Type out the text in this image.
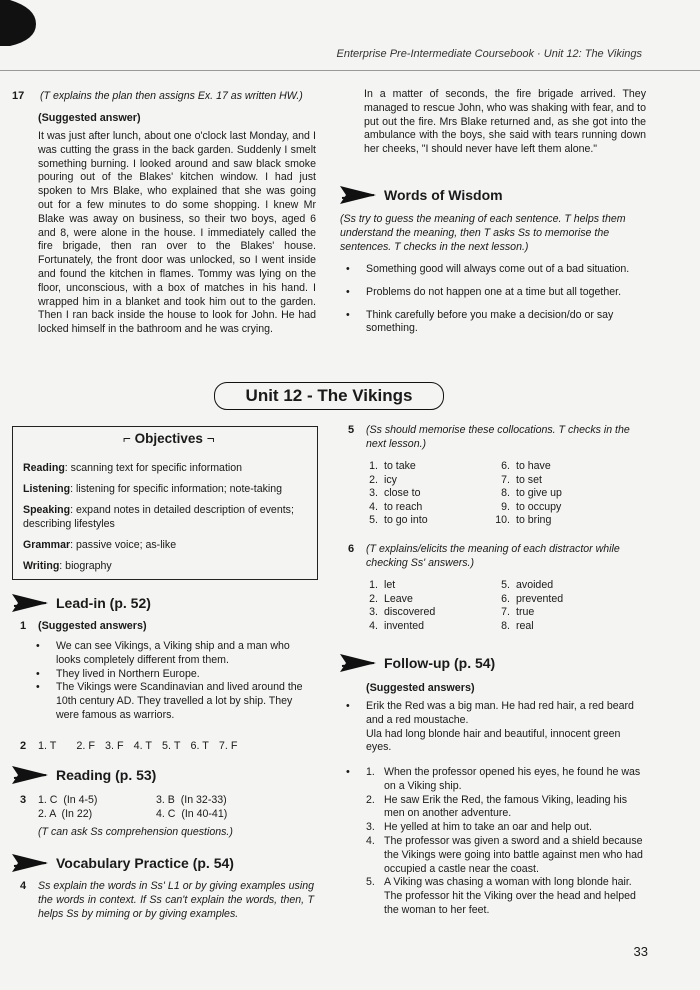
Enterprise Pre-Intermediate Coursebook · Unit 12: The Vikings
17 (T explains the plan then assigns Ex. 17 as written HW.)

(Suggested answer)

It was just after lunch, about one o'clock last Monday, and I was cutting the grass in the back garden. Suddenly I smelt something burning. I looked around and saw black smoke pouring out of the Blakes' kitchen window. I had just spoken to Mrs Blake, who explained that she was going out for a few minutes to do some shopping. I knew Mr Blake was away on business, so their two boys, aged 6 and 8, were alone in the house. I immediately called the fire brigade, then ran over to the Blakes' house. Fortunately, the front door was unlocked, so I went inside and found the kitchen in flames. Tommy was lying on the floor, unconscious, with a box of matches in his hand. I wrapped him in a blanket and took him out to the garden. Then I ran back inside the house to look for John. He had locked himself in the bathroom and he was crying.

In a matter of seconds, the fire brigade arrived. They managed to rescue John, who was shaking with fear, and to put out the fire. Mrs Blake returned and, as she got into the ambulance with the boys, she said with tears running down her cheeks, "I should never have left them alone."

Words of Wisdom

(Ss try to guess the meaning of each sentence. T helps them understand the meaning, then T asks Ss to memorise the sentences. T checks in the next lesson.)

• Something good will always come out of a bad situation.
• Problems do not happen one at a time but all together.
• Think carefully before you make a decision/do or say something.
Unit 12 - The Vikings
⌐ Objectives ¬
Reading: scanning text for specific information
Listening: listening for specific information; note-taking
Speaking: expand notes in detailed description of events; describing lifestyles
Grammar: passive voice; as-like
Writing: biography
Lead-in (p. 52)
1 (Suggested answers)

• We can see Vikings, a Viking ship and a man who looks completely different from them.
• They lived in Northern Europe.
• The Vikings were Scandinavian and lived around the 10th century AD. They travelled a lot by ship. They were famous as warriors.
2 1. T 2. F 3. F 4. T 5. T 6. T 7. F
Reading (p. 53)
3 1. C  (In 4-5)	3. B  (In 32-33)
2. A  (In 22)	4. C  (In 40-41)

(T can ask Ss comprehension questions.)

Vocabulary Practice (p. 54)
4 Ss explain the words in Ss' L1 or by giving examples using the words in context. If Ss can't explain the words, then, T helps Ss by miming or by giving examples.

5 (Ss should memorise these collocations. T checks in the next lesson.)

1. to take
2. icy
3. close to
4. to reach
5. to go into
6. to have
7. to set
8. to give up
9. to occupy
10. to bring
6 (T explains/elicits the meaning of each distractor while checking Ss' answers.)

1. let
2. Leave
3. discovered
4. invented
5. avoided
6. prevented
7. true
8. real
Follow-up (p. 54)

(Suggested answers)

• Erik the Red was a big man. He had red hair, a red beard and a red moustache.
Ula had long blonde hair and beautiful, innocent green eyes.
• 1. When the professor opened his eyes, he found he was on a Viking ship.
2. He saw Erik the Red, the famous Viking, leading his men on another adventure.
3. He yelled at him to take an oar and help out.
4. The professor was given a sword and a shield because the Vikings were going into battle against men who had occupied a castle near the coast.
5. A Viking was chasing a woman with long blonde hair. The professor hit the Viking over the head and helped the woman to her feet.
33
